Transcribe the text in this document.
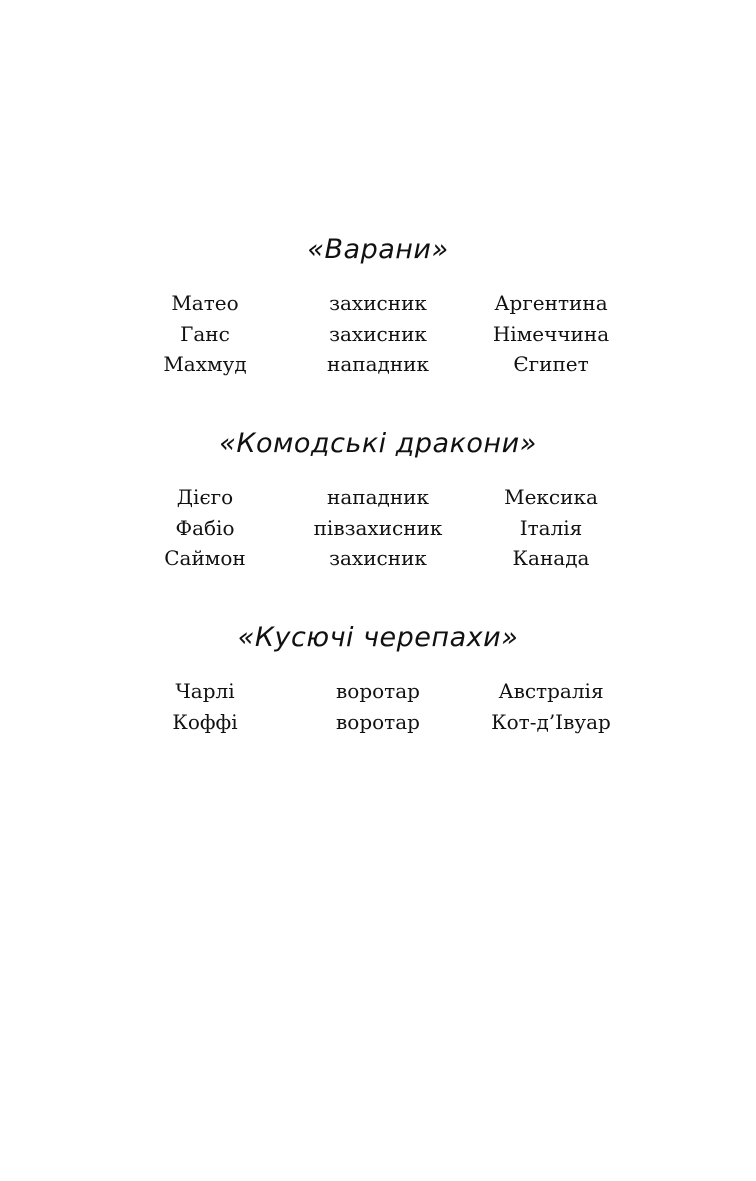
«Варани»
Матео	захисник	Аргентина
Ганс	захисник	Німеччина
Махмуд	нападник	Єгипет
«Комодські дракони»
Дієго	нападник	Мексика
Фабіо	півзахисник	Італія
Саймон	захисник	Канада
«Кусючі черепахи»
Чарлі	воротар	Австралія
Коффі	воротар	Кот-д’Івуар
